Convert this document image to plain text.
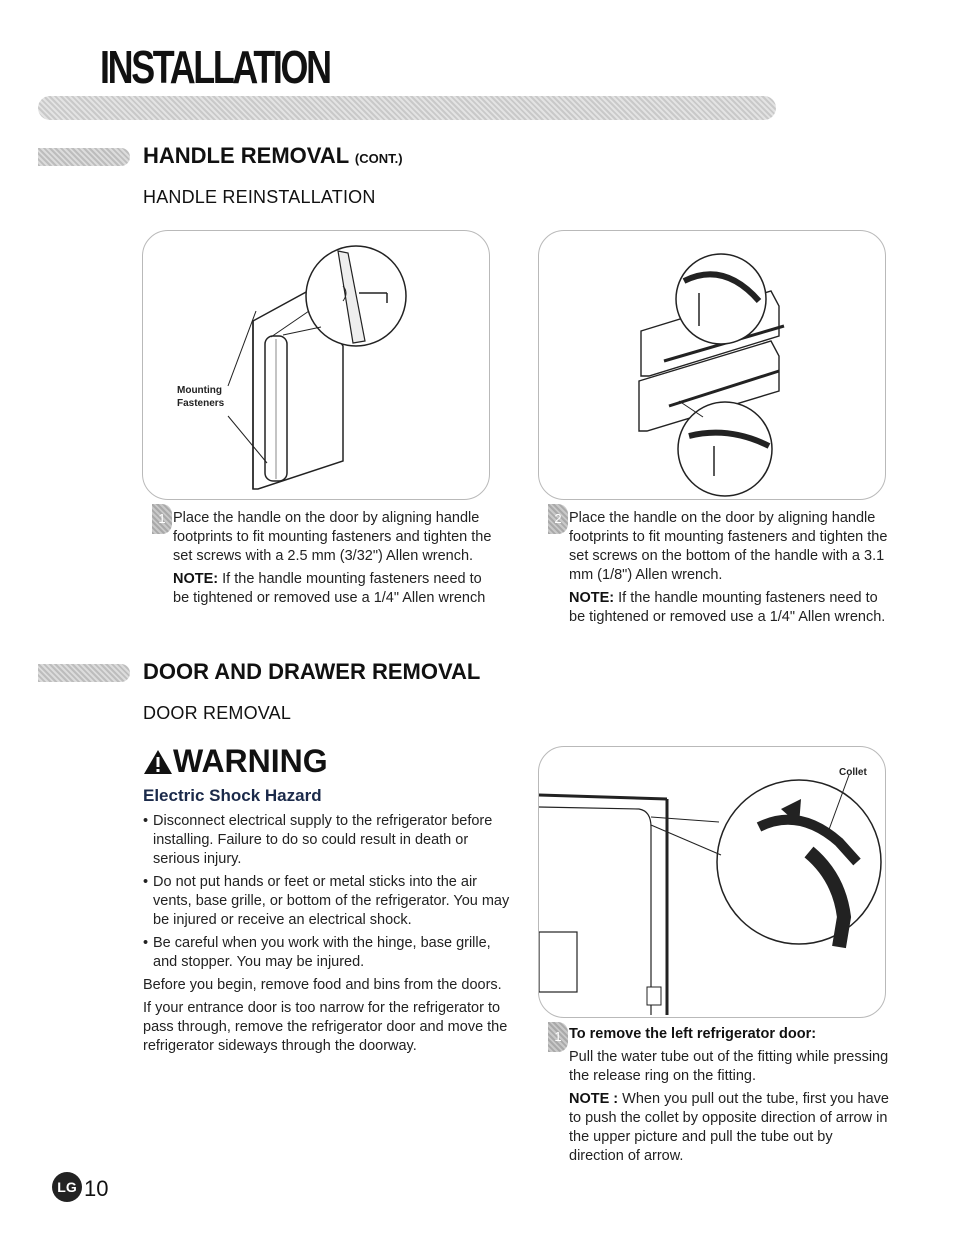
INSTALLATION
HANDLE REMOVAL (CONT.)
HANDLE REINSTALLATION
Mounting
Fasteners
1 Place the handle on the door by aligning handle footprints to fit mounting fasteners and tighten the set screws with a 2.5 mm (3/32") Allen wrench.

NOTE: If the handle mounting fasteners need to be tightened or removed use a 1/4" Allen wrench

2 Place the handle on the door by aligning handle footprints to fit mounting fasteners and tighten the set screws on the bottom of the handle with a 3.1 mm (1/8") Allen wrench.

NOTE: If the handle mounting fasteners need to be tightened or removed use a 1/4" Allen wrench.

DOOR AND DRAWER REMOVAL
DOOR REMOVAL
WARNING
Electric Shock Hazard
• Disconnect electrical supply to the refrigerator before installing. Failure to do so could result in death or serious injury.
• Do not put hands or feet or metal sticks into the air vents, base grille, or bottom of the refrigerator. You may be injured or receive an electrical shock.
• Be careful when you work with the hinge, base grille, and stopper. You may be injured.

Before you begin, remove food and bins from the doors.

If your entrance door is too narrow for the refrigerator to pass through, remove the refrigerator door and move the refrigerator sideways through the doorway.

Collet
1 To remove the left refrigerator door:

Pull the water tube out of the fitting while pressing the release ring on the fitting.

NOTE : When you pull out the tube, first you have to push the collet by opposite direction of arrow in the upper picture and pull the tube out by direction of arrow.

LG 10
